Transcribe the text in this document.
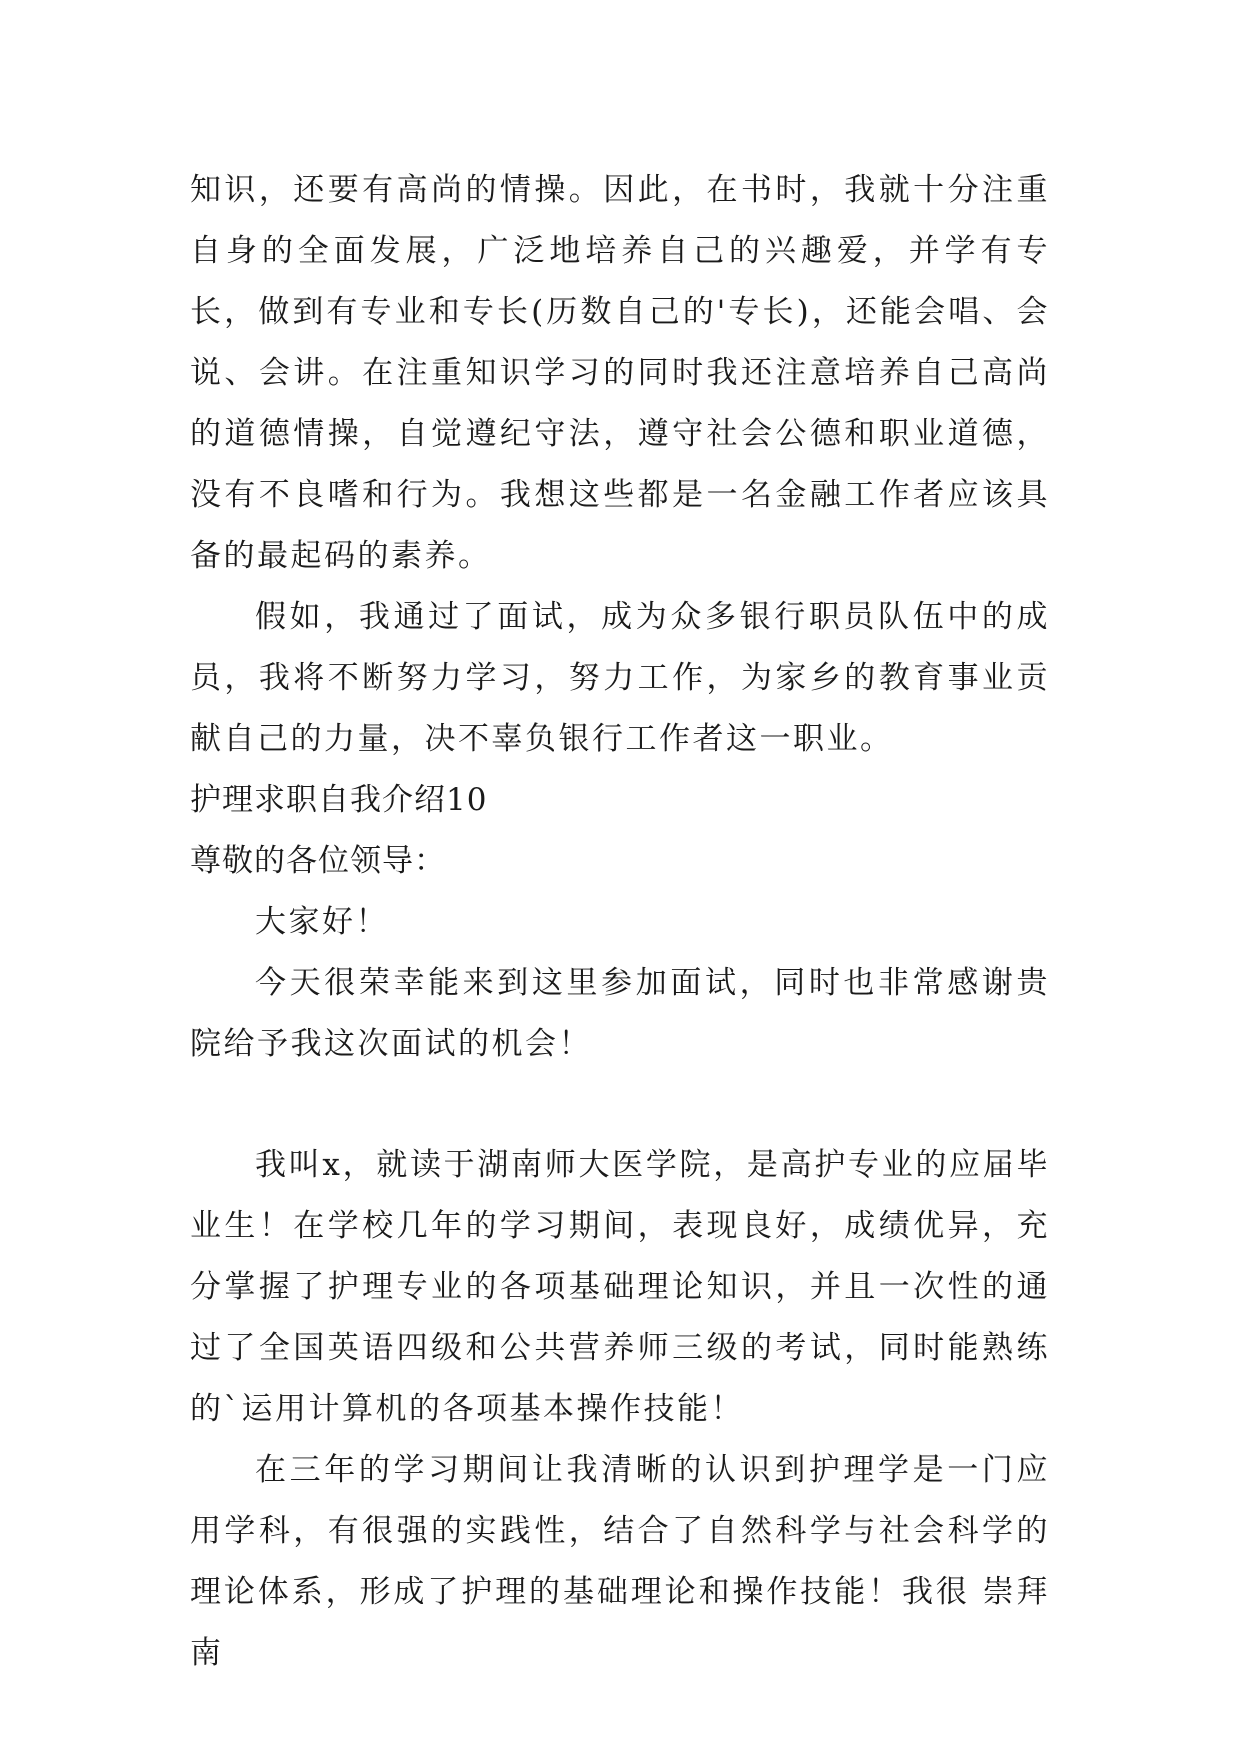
知识，还要有高尚的情操。因此，在书时，我就十分注重自身的全面发展，广泛地培养自己的兴趣爱，并学有专长，做到有专业和专长(历数自己的'专长)，还能会唱、会说、会讲。在注重知识学习的同时我还注意培养自己高尚的道德情操，自觉遵纪守法，遵守社会公德和职业道德，没有不良嗜和行为。我想这些都是一名金融工作者应该具备的最起码的素养。

假如，我通过了面试，成为众多银行职员队伍中的成员，我将不断努力学习，努力工作，为家乡的教育事业贡献自己的力量，决不辜负银行工作者这一职业。

护理求职自我介绍10

尊敬的各位领导：

大家好！

今天很荣幸能来到这里参加面试，同时也非常感谢贵院给予我这次面试的机会！

我叫x，就读于湖南师大医学院，是高护专业的应届毕业生！在学校几年的学习期间，表现良好，成绩优异，充分掌握了护理专业的各项基础理论知识，并且一次性的通过了全国英语四级和公共营养师三级的考试，同时能熟练的`运用计算机的各项基本操作技能！

在三年的学习期间让我清晰的认识到护理学是一门应用学科，有很强的实践性，结合了自然科学与社会科学的理论体系，形成了护理的基础理论和操作技能！我很 崇拜南
